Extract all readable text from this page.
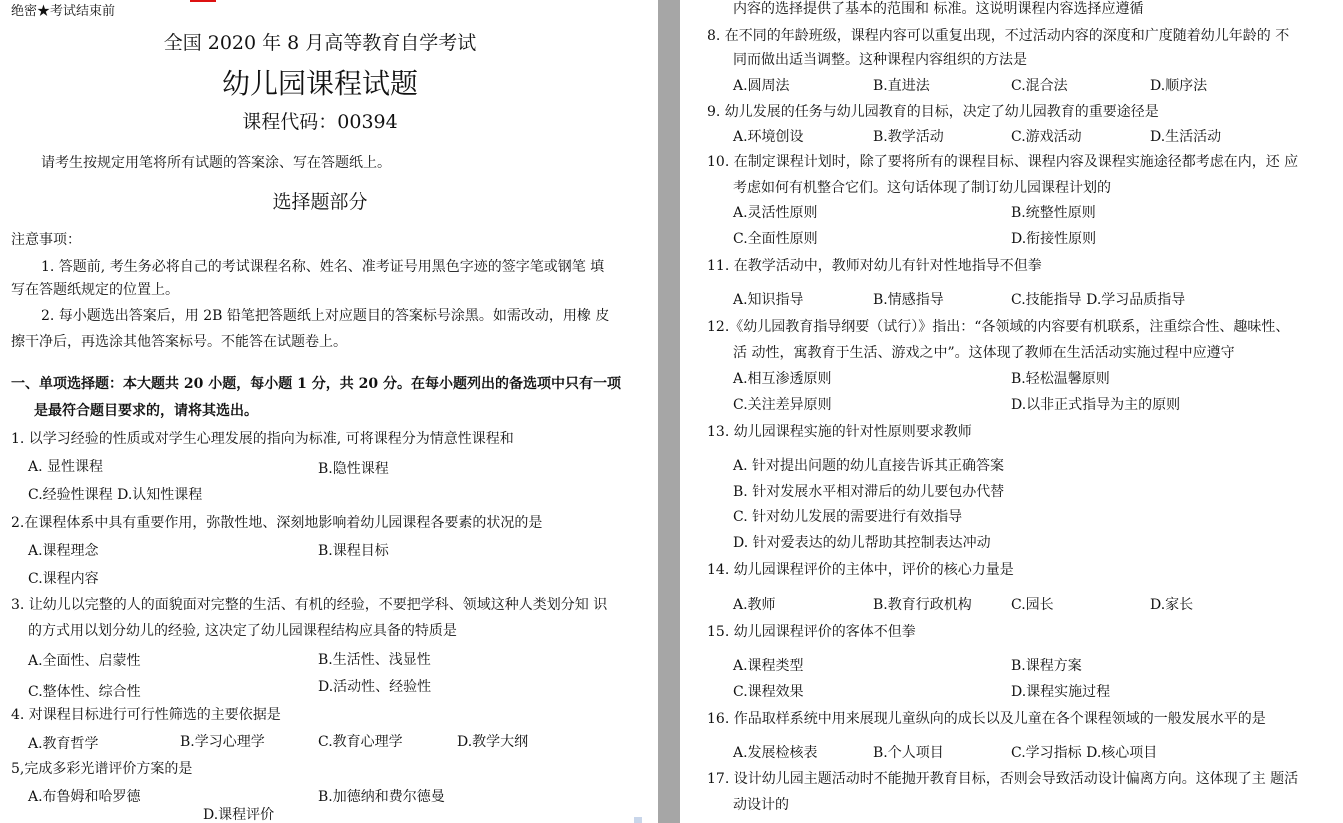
绝密★考试结束前
全国 2020 年 8 月高等教育自学考试
幼儿园课程试题
课程代码：00394
请考生按规定用笔将所有试题的答案涂、写在答题纸上。
选择题部分
注意事项：
1. 答题前, 考生务必将自己的考试课程名称、姓名、准考证号用黑色字迹的签字笔或钢笔 填
写在答题纸规定的位置上。
2. 每小题选出答案后，用 2B 铅笔把答题纸上对应题目的答案标号涂黑。如需改动，用橡 皮
擦干净后，再选涂其他答案标号。不能答在试题卷上。
一、单项选择题：本大题共 20 小题，每小题 1 分，共 20 分。在每小题列出的备选项中只有一项
是最符合题目要求的，请将其选出。
1. 以学习经验的性质或对学生心理发展的指向为标准, 可将课程分为情意性课程和
A. 显性课程	B.隐性课程
C.经验性课程 D.认知性课程
2.在课程体系中具有重要作用，弥散性地、深刻地影响着幼儿园课程各要素的状况的是
A.课程理念	B.课程目标
C.课程内容
3. 让幼儿以完整的人的面貌面对完整的生活、有机的经验，不要把学科、领域这种人类划分知 识
的方式用以划分幼儿的经验, 这决定了幼儿园课程结构应具备的特质是
A.全面性、启蒙性	B.生活性、浅显性
C.整体性、综合性	D.活动性、经验性
4. 对课程目标进行可行性筛选的主要依据是
A.教育哲学	B.学习心理学	C.教育心理学	D.教学大纲
5,完成多彩光谱评价方案的是
A.布鲁姆和哈罗德	B.加德纳和费尔德曼
D.课程评价
内容的选择提供了基本的范围和 标准。这说明课程内容选择应遵循
8. 在不同的年龄班级，课程内容可以重复出现，不过活动内容的深度和广度随着幼儿年龄的 不
同而做出适当调整。这种课程内容组织的方法是
A.圆周法	B.直进法	C.混合法	D.顺序法
9. 幼儿发展的任务与幼儿园教育的目标，决定了幼儿园教育的重要途径是
A.环境创设	B.教学活动	C.游戏活动	D.生活活动
10. 在制定课程计划时，除了要将所有的课程目标、课程内容及课程实施途径都考虑在内，还 应
考虑如何有机整合它们。这句话体现了制订幼儿园课程计划的
A.灵活性原则	B.统整性原则
C.全面性原则	D.衔接性原则
11. 在教学活动中，教师对幼儿有针对性地指导不但拳
A.知识指导	B.情感指导	C.技能指导 D.学习品质指导
12.《幼儿园教育指导纲要（试行）》指出：“各领域的内容要有机联系，注重综合性、趣味性、
活 动性，寓教育于生活、游戏之中”。这体现了教师在生活活动实施过程中应遵守
A.相互渗透原则	B.轻松温馨原则
C.关注差异原则	D.以非正式指导为主的原则
13. 幼儿园课程实施的针对性原则要求教师
A. 针对提出问题的幼儿直接告诉其正确答案
B. 针对发展水平相对滞后的幼儿要包办代替
C. 针对幼儿发展的需要进行有效指导
D. 针对爱表达的幼儿帮助其控制表达冲动
14. 幼儿园课程评价的主体中，评价的核心力量是
A.教师	B.教育行政机构	C.园长	D.家长
15. 幼儿园课程评价的客体不但拳
A.课程类型	B.课程方案
C.课程效果	D.课程实施过程
16. 作品取样系统中用来展现儿童纵向的成长以及儿童在各个课程领域的一般发展水平的是
A.发展检核表	B.个人项目	C.学习指标 D.核心项目
17. 设计幼儿园主题活动时不能抛开教育目标，否则会导致活动设计偏离方向。这体现了主 题活
动设计的
